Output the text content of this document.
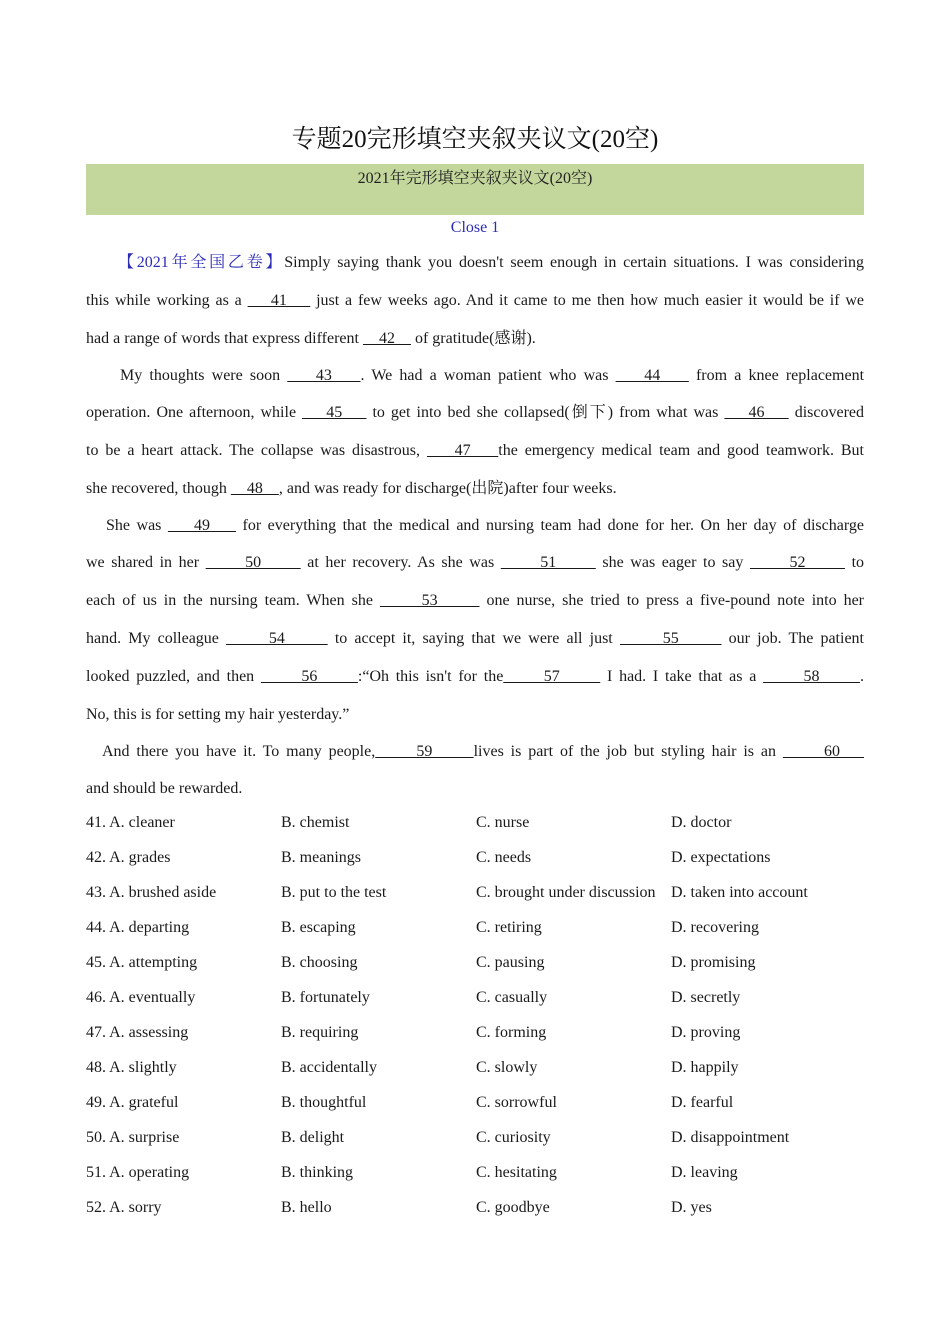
专题20完形填空夹叙夹议文(20空)
2021年完形填空夹叙夹议文(20空)
Close 1
【2021年全国乙卷】Simply saying thank you doesn't seem enough in certain situations. I was considering
this while working as a     41     just a few weeks ago. And it came to me then how much easier it would be if we
had a range of words that express different     42     of gratitude(感谢).
My thoughts were soon     43    . We had a woman patient who was     44     from a knee replacement
operation. One afternoon, while     45     to get into bed she collapsed(倒下) from what was     46     discovered
to be a heart attack. The collapse was disastrous,     47    the emergency medical team and good teamwork. But
she recovered, though     48    , and was ready for discharge(出院)after four weeks.
She was     49     for everything that the medical and nursing team had done for her. On her day of discharge
we shared in her       50       at her recovery. As she was       51       she was eager to say       52       to
each of us in the nursing team. When she       53       one nurse, she tried to press a five-pound note into her
hand. My colleague       54       to accept it, saying that we were all just       55       our job. The patient
looked puzzled, and then       56      :“Oh this isn't for the      57       I had. I take that as a       58      .
No, this is for setting my hair yesterday.”
And there you have it. To many people,      59      lives is part of the job but styling hair is an       60
and should be rewarded.
41. A. cleaner	B. chemist	C. nurse	D. doctor
42. A. grades	B. meanings	C. needs	D. expectations
43. A. brushed aside	B. put to the test	C. brought under discussion D. taken into account
44. A. departing	B. escaping	C. retiring	D. recovering
45. A. attempting	B. choosing	C. pausing	D. promising
46. A. eventually	B. fortunately	C. casually	D. secretly
47. A. assessing	B. requiring	C. forming	D. proving
48. A. slightly	B. accidentally	C. slowly	D. happily
49. A. grateful	B. thoughtful	C. sorrowful	D. fearful
50. A. surprise	B. delight	C. curiosity	D. disappointment
51. A. operating	B. thinking	C. hesitating	D. leaving
52. A. sorry	B. hello	C. goodbye	D. yes
